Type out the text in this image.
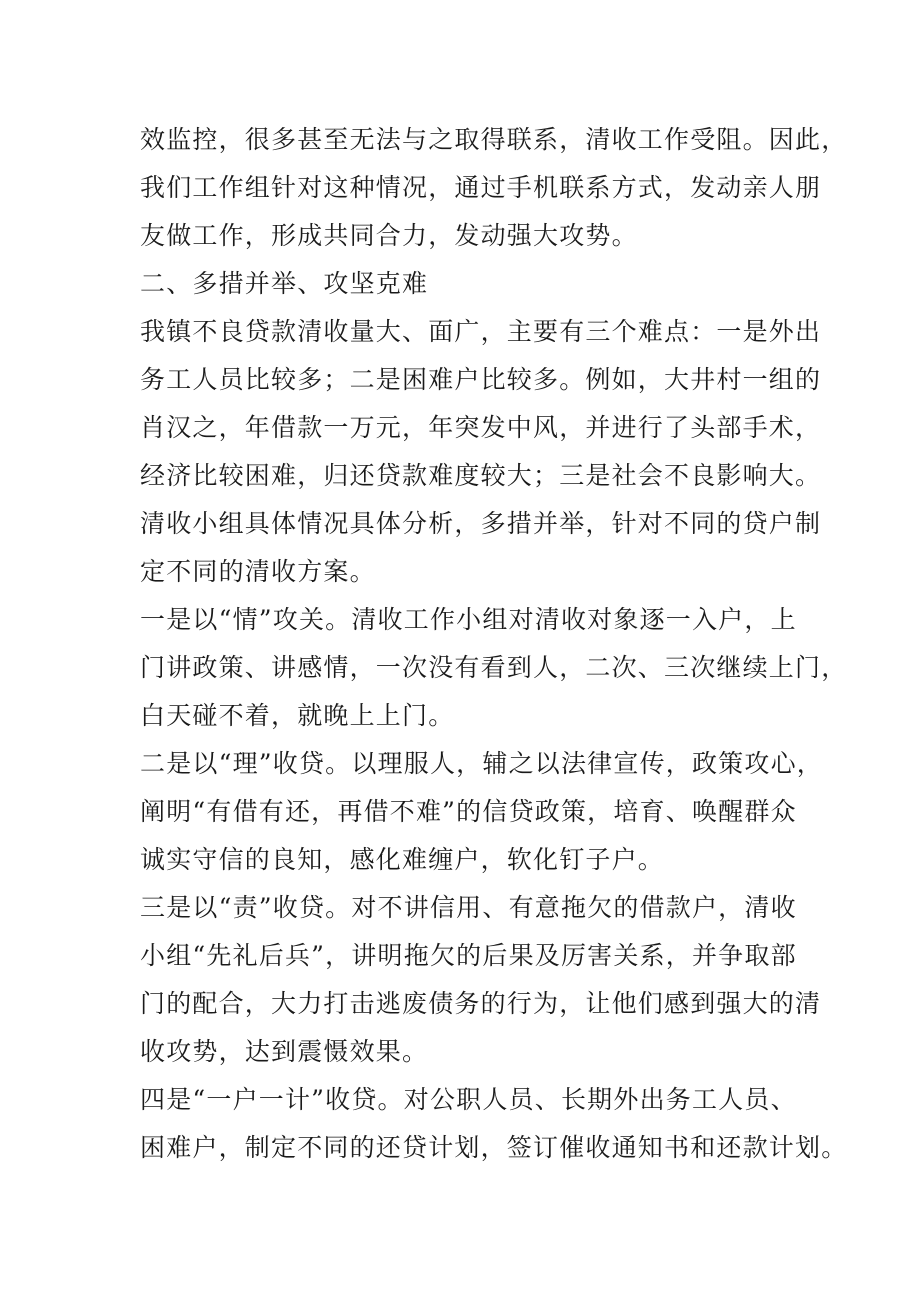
效监控，很多甚至无法与之取得联系，清收工作受阻。因此，
我们工作组针对这种情况，通过手机联系方式，发动亲人朋
友做工作，形成共同合力，发动强大攻势。
二、多措并举、攻坚克难
我镇不良贷款清收量大、面广，主要有三个难点：一是外出
务工人员比较多；二是困难户比较多。例如，大井村一组的
肖汉之，年借款一万元，年突发中风，并进行了头部手术，
经济比较困难，归还贷款难度较大；三是社会不良影响大。
清收小组具体情况具体分析，多措并举，针对不同的贷户制
定不同的清收方案。
一是以“情”攻关。清收工作小组对清收对象逐一入户，上
门讲政策、讲感情，一次没有看到人，二次、三次继续上门，
白天碰不着，就晚上上门。
二是以“理”收贷。以理服人，辅之以法律宣传，政策攻心，
阐明“有借有还，再借不难”的信贷政策，培育、唤醒群众
诚实守信的良知，感化难缠户，软化钉子户。
三是以“责”收贷。对不讲信用、有意拖欠的借款户，清收
小组“先礼后兵”，讲明拖欠的后果及厉害关系，并争取部
门的配合，大力打击逃废债务的行为，让他们感到强大的清
收攻势，达到震慑效果。
四是“一户一计”收贷。对公职人员、长期外出务工人员、
困难户，制定不同的还贷计划，签订催收通知书和还款计划。
